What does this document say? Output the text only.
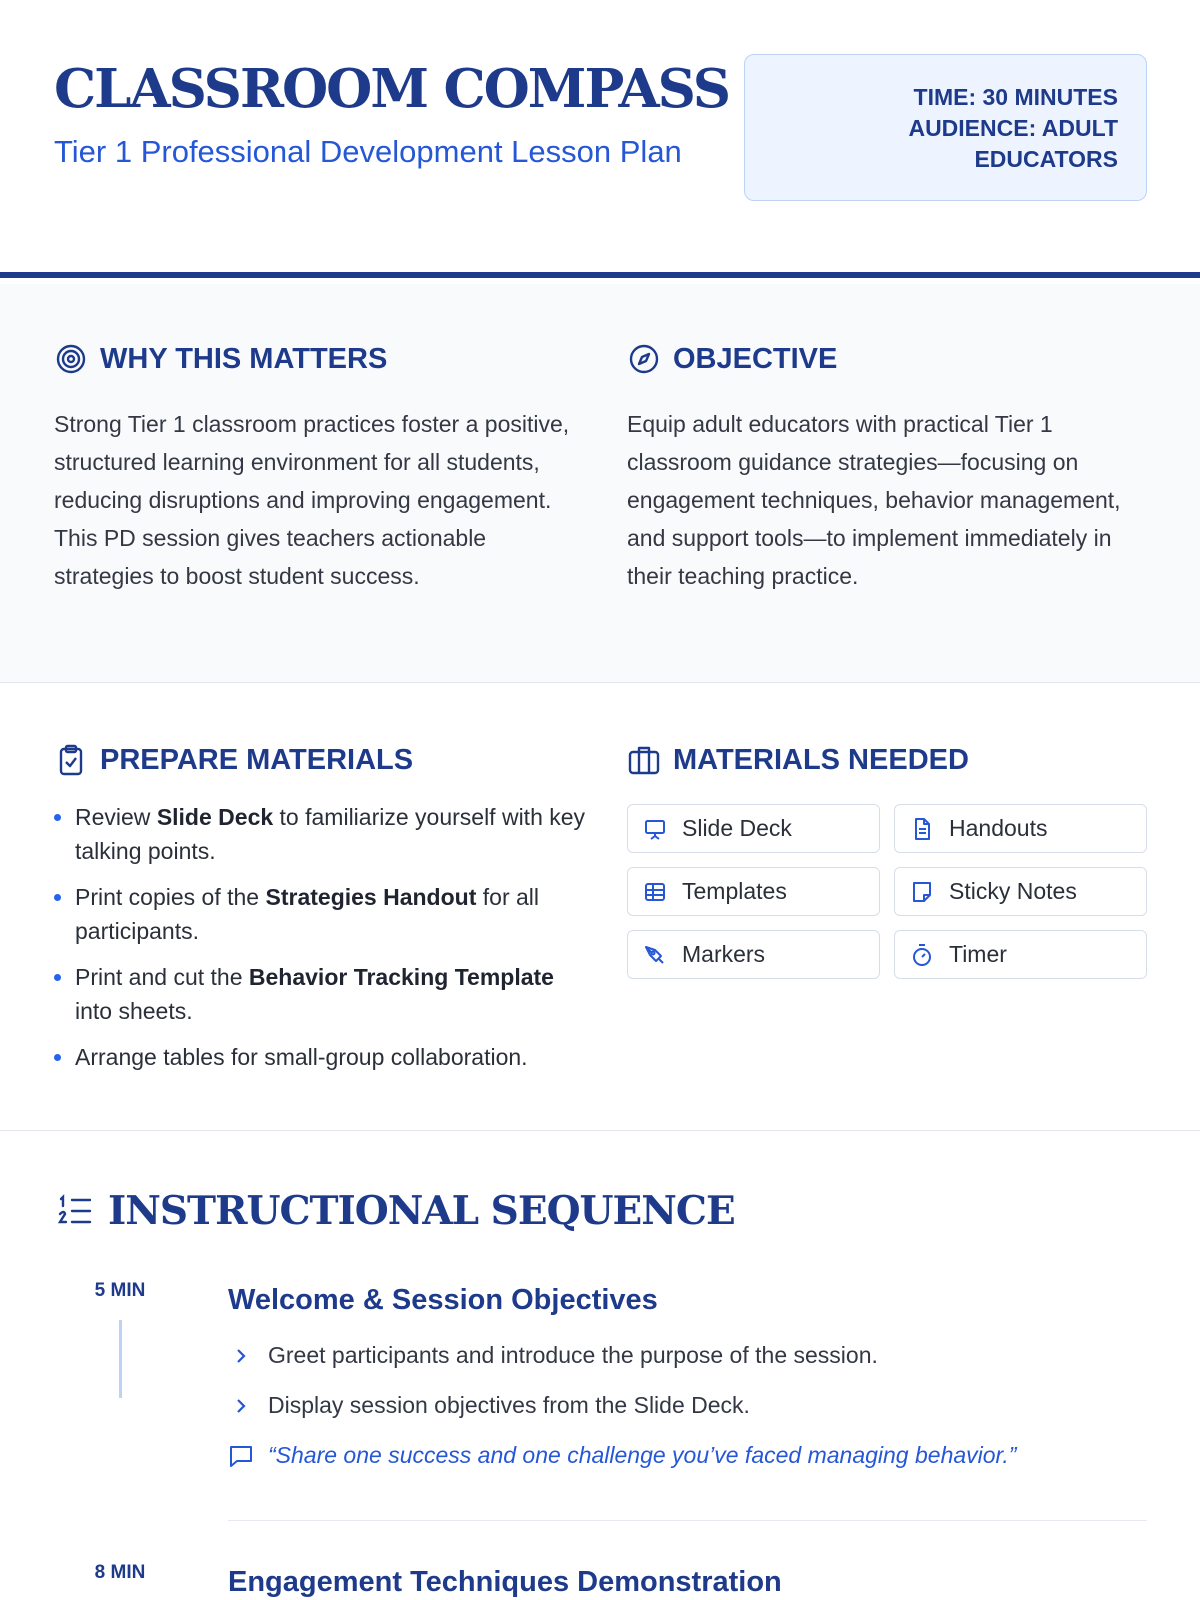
CLASSROOM COMPASS
Tier 1 Professional Development Lesson Plan
TIME: 30 MINUTES
AUDIENCE: ADULT EDUCATORS
WHY THIS MATTERS

Strong Tier 1 classroom practices foster a positive, structured learning environment for all students, reducing disruptions and improving engagement. This PD session gives teachers actionable strategies to boost student success.

OBJECTIVE

Equip adult educators with practical Tier 1 classroom guidance strategies—focusing on engagement techniques, behavior management, and support tools—to implement immediately in their teaching practice.

PREPARE MATERIALS
Review Slide Deck to familiarize yourself with key talking points.
Print copies of the Strategies Handout for all participants.
Print and cut the Behavior Tracking Template into sheets.
Arrange tables for small-group collaboration.
MATERIALS NEEDED
Slide Deck	Handouts
Templates	Sticky Notes
Markers	Timer
INSTRUCTIONAL SEQUENCE
5 MIN	Welcome & Session Objectives
Greet participants and introduce the purpose of the session.
Display session objectives from the Slide Deck.
“Share one success and one challenge you’ve faced managing behavior.”
8 MIN	Engagement Techniques Demonstration
